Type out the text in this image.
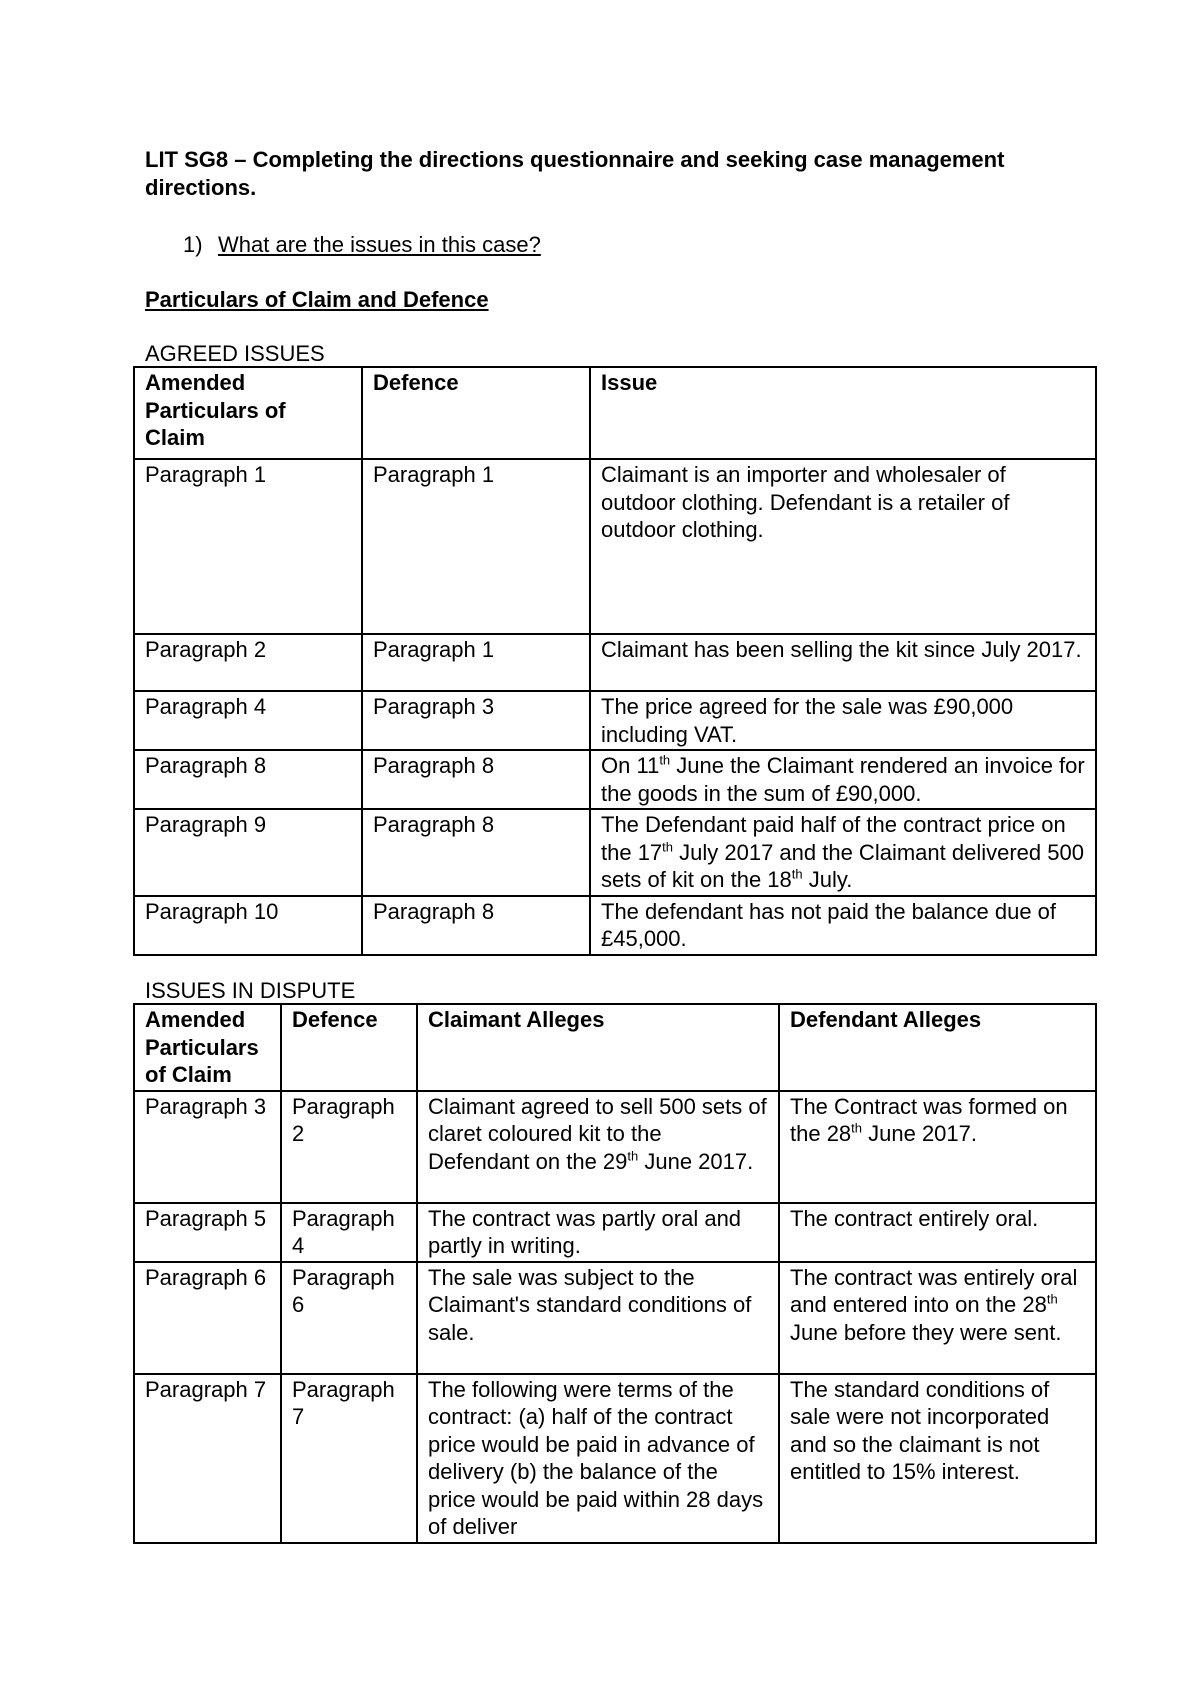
LIT SG8 – Completing the directions questionnaire and seeking case management directions.
1) What are the issues in this case?
Particulars of Claim and Defence
AGREED ISSUES
Amended Particulars of Claim	Defence	Issue
Paragraph 1	Paragraph 1	Claimant is an importer and wholesaler of outdoor clothing. Defendant is a retailer of outdoor clothing.
Paragraph 2	Paragraph 1	Claimant has been selling the kit since July 2017.
Paragraph 4	Paragraph 3	The price agreed for the sale was £90,000 including VAT.
Paragraph 8	Paragraph 8	On 11th June the Claimant rendered an invoice for the goods in the sum of £90,000.
Paragraph 9	Paragraph 8	The Defendant paid half of the contract price on the 17th July 2017 and the Claimant delivered 500 sets of kit on the 18th July.
Paragraph 10	Paragraph 8	The defendant has not paid the balance due of £45,000.
ISSUES IN DISPUTE
Amended Particulars of Claim	Defence	Claimant Alleges	Defendant Alleges
Paragraph 3	Paragraph 2	Claimant agreed to sell 500 sets of claret coloured kit to the Defendant on the 29th June 2017.	The Contract was formed on the 28th June 2017.
Paragraph 5	Paragraph 4	The contract was partly oral and partly in writing.	The contract entirely oral.
Paragraph 6	Paragraph 6	The sale was subject to the Claimant's standard conditions of sale.	The contract was entirely oral and entered into on the 28th June before they were sent.
Paragraph 7	Paragraph 7	The following were terms of the contract: (a) half of the contract price would be paid in advance of delivery (b) the balance of the price would be paid within 28 days of deliver	The standard conditions of sale were not incorporated and so the claimant is not entitled to 15% interest.
